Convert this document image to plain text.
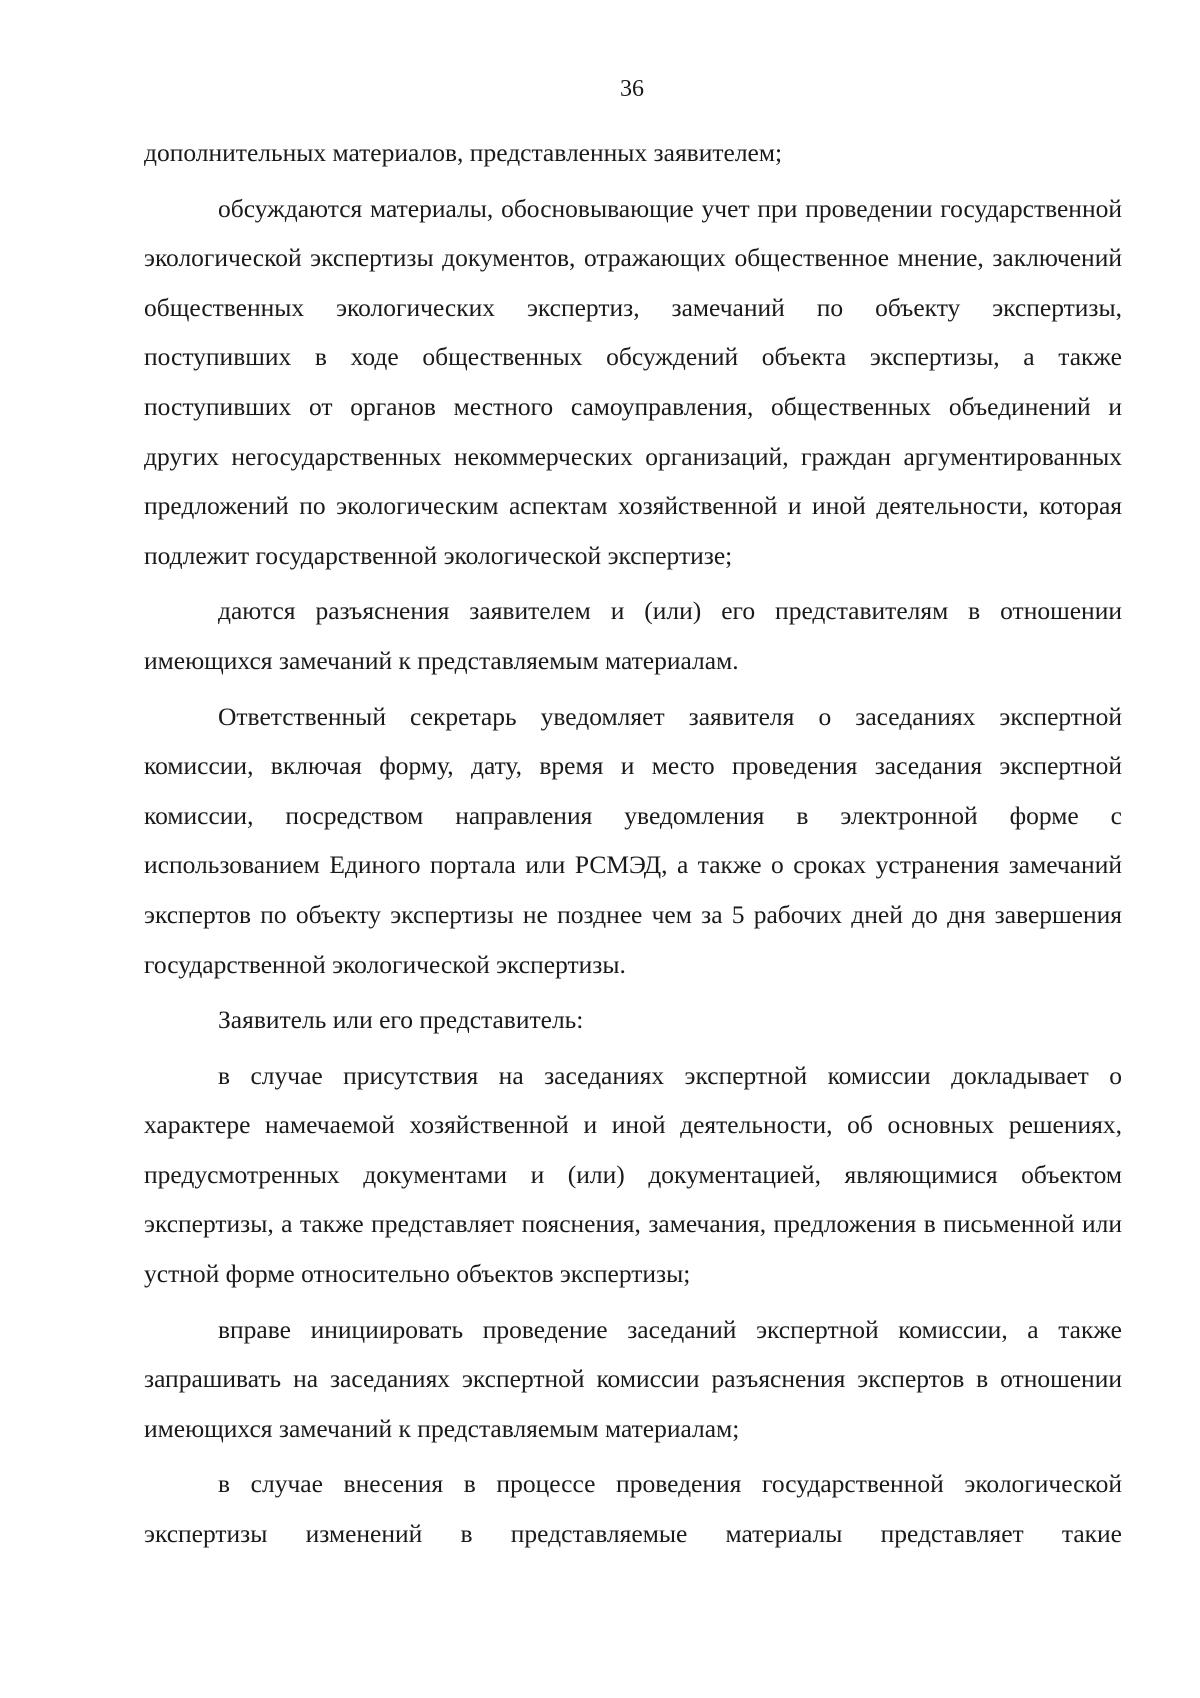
36

дополнительных материалов, представленных заявителем;

обсуждаются материалы, обосновывающие учет при проведении государственной экологической экспертизы документов, отражающих общественное мнение, заключений общественных экологических экспертиз, замечаний по объекту экспертизы, поступивших в ходе общественных обсуждений объекта экспертизы, а также поступивших от органов местного самоуправления, общественных объединений и других негосударственных некоммерческих организаций, граждан аргументированных предложений по экологическим аспектам хозяйственной и иной деятельности, которая подлежит государственной экологической экспертизе;

даются разъяснения заявителем и (или) его представителям в отношении имеющихся замечаний к представляемым материалам.

Ответственный секретарь уведомляет заявителя о заседаниях экспертной комиссии, включая форму, дату, время и место проведения заседания экспертной комиссии, посредством направления уведомления в электронной форме с использованием Единого портала или РСМЭД, а также о сроках устранения замечаний экспертов по объекту экспертизы не позднее чем за 5 рабочих дней до дня завершения государственной экологической экспертизы.

Заявитель или его представитель:

в случае присутствия на заседаниях экспертной комиссии докладывает о характере намечаемой хозяйственной и иной деятельности, об основных решениях, предусмотренных документами и (или) документацией, являющимися объектом экспертизы, а также представляет пояснения, замечания, предложения в письменной или устной форме относительно объектов экспертизы;

вправе инициировать проведение заседаний экспертной комиссии, а также запрашивать на заседаниях экспертной комиссии разъяснения экспертов в отношении имеющихся замечаний к представляемым материалам;

в случае внесения в процессе проведения государственной экологической экспертизы изменений в представляемые материалы представляет такие
